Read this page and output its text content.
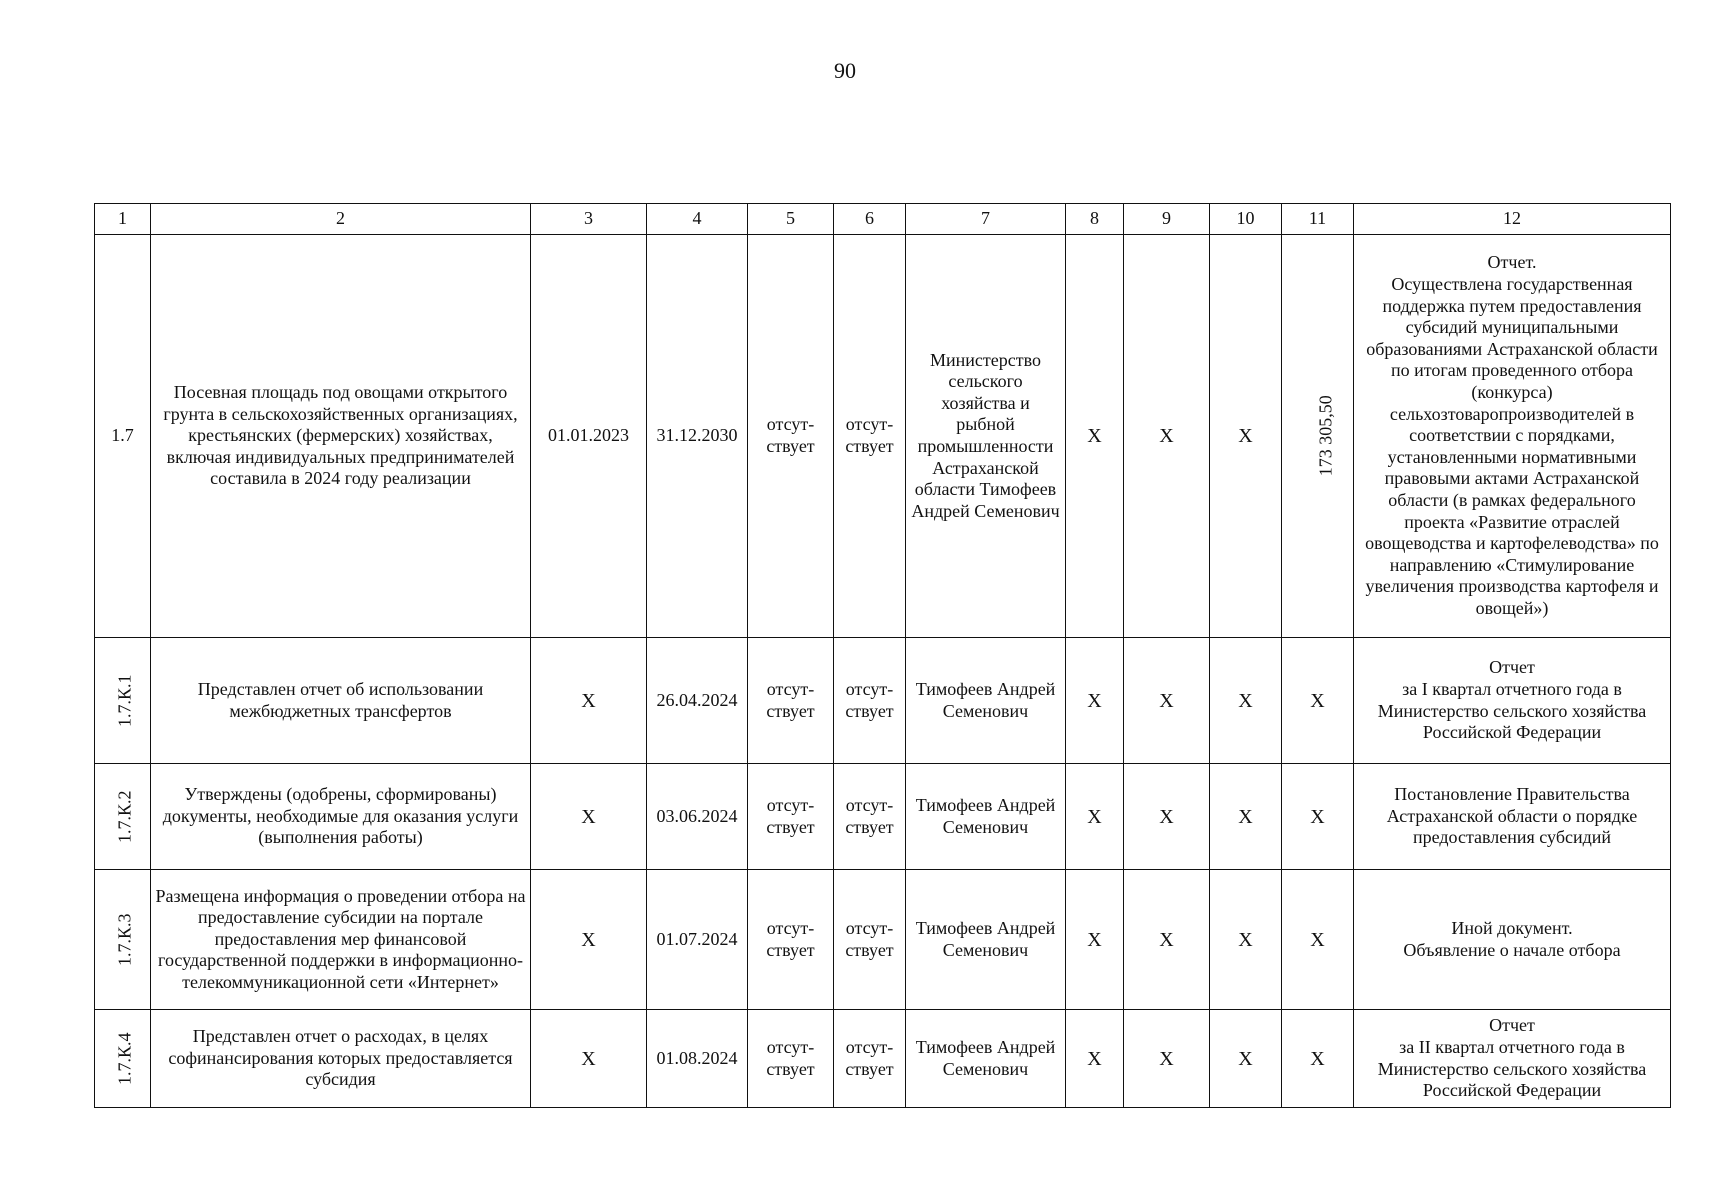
90
1	2	3	4	5	6	7	8	9	10	11	12
1.7	Посевная площадь под овощами открытого грунта в сельскохозяйственных организациях, крестьянских (фермерских) хозяйствах, включая индивидуальных предпринимателей составила в 2024 году реализации	01.01.2023	31.12.2030	отсут-ствует	отсут-ствует	Министерство сельского хозяйства и рыбной промышленности Астраханской области Тимофеев Андрей Семенович	X	X	X	173 305,50	Отчет.
Осуществлена государственная поддержка путем предоставления субсидий муниципальными образованиями Астраханской области по итогам проведенного отбора (конкурса) сельхозтоваропроизводителей в соответствии с порядками, установленными нормативными правовыми актами Астраханской области (в рамках федерального проекта «Развитие отраслей овощеводства и картофелеводства» по направлению «Стимулирование увеличения производства картофеля и овощей»)

1.7.К.1	Представлен отчет об использовании межбюджетных трансфертов	X	26.04.2024	отсут-ствует	отсут-ствует	Тимофеев Андрей Семенович	X	X	X	X	Отчет
за I квартал отчетного года в Министерство сельского хозяйства Российской Федерации

1.7.К.2	Утверждены (одобрены, сформированы) документы, необходимые для оказания услуги (выполнения работы)	X	03.06.2024	отсут-ствует	отсут-ствует	Тимофеев Андрей Семенович	X	X	X	X	Постановление Правительства Астраханской области о порядке предоставления субсидий

1.7.К.3	Размещена информация о проведении отбора на предоставление субсидии на портале предоставления мер финансовой государственной поддержки в информационно-телекоммуникационной сети «Интернет»	X	01.07.2024	отсут-ствует	отсут-ствует	Тимофеев Андрей Семенович	X	X	X	X	Иной документ.
Объявление о начале отбора

1.7.К.4	Представлен отчет о расходах, в целях софинансирования которых предоставляется субсидия	X	01.08.2024	отсут-ствует	отсут-ствует	Тимофеев Андрей Семенович	X	X	X	X	Отчет
за II квартал отчетного года в Министерство сельского хозяйства Российской Федерации
